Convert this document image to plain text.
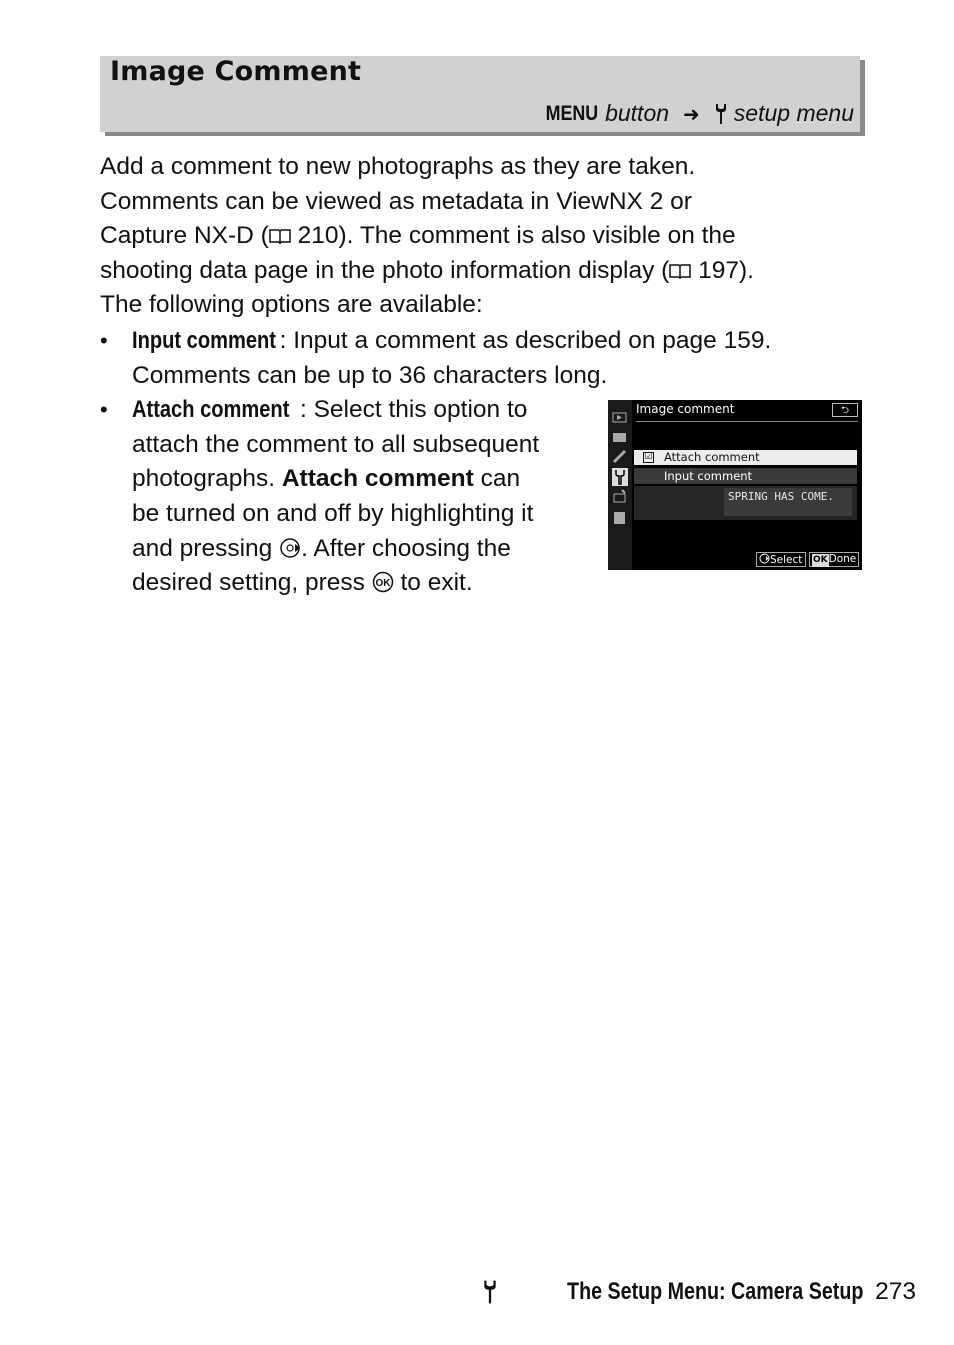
Image Comment
MENU button ➜ setup menu
Add a comment to new photographs as they are taken.
Comments can be viewed as metadata in ViewNX 2 or
Capture NX-D ( 210). The comment is also visible on the
shooting data page in the photo information display ( 197).
The following options are available:
• Input comment : Input a comment as described on page 159.
Comments can be up to 36 characters long.
• Attach comment : Select this option to
attach the comment to all subsequent
photographs. Attach comment can
be turned on and off by highlighting it
and pressing . After choosing the
desired setting, press OK to exit.
Image comment	⮌
☑ Attach comment
Input comment
SPRING HAS COME.
Select	OKDone
The Setup Menu: Camera Setup 273
